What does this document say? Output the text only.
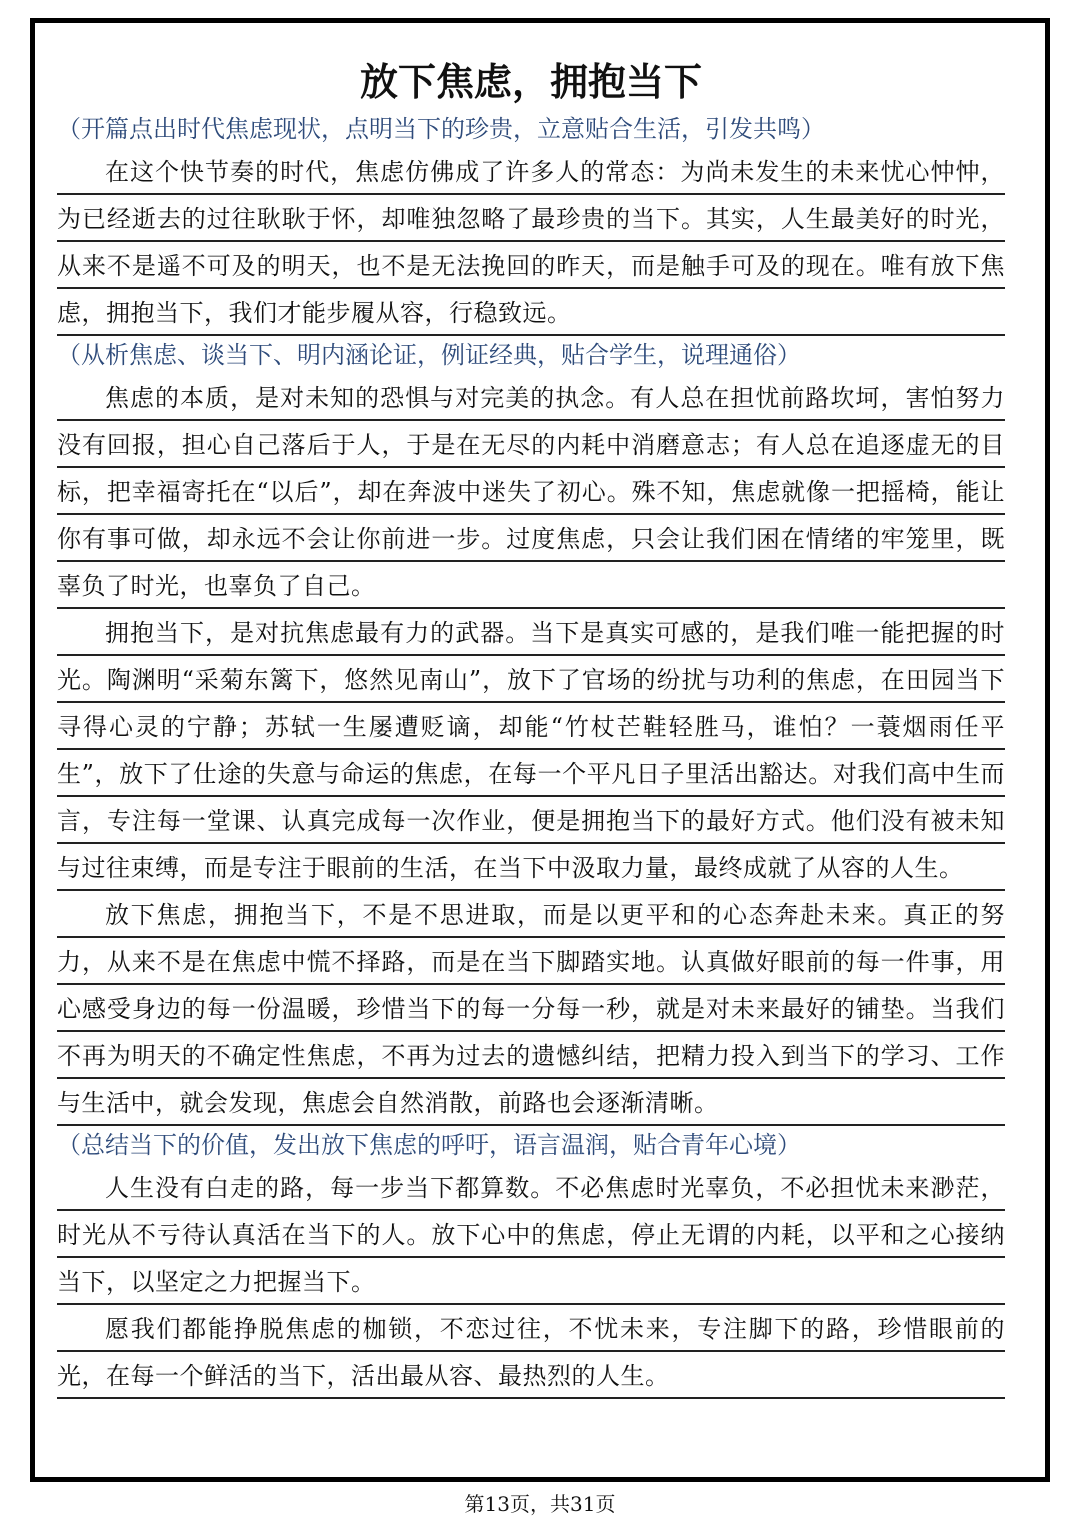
放下焦虑，拥抱当下

（开篇点出时代焦虑现状，点明当下的珍贵，立意贴合生活，引发共鸣）

在这个快节奏的时代，焦虑仿佛成了许多人的常态：为尚未发生的未来忧心忡忡，为已经逝去的过往耿耿于怀，却唯独忽略了最珍贵的当下。其实，人生最美好的时光，从来不是遥不可及的明天，也不是无法挽回的昨天，而是触手可及的现在。唯有放下焦虑，拥抱当下，我们才能步履从容，行稳致远。

（从析焦虑、谈当下、明内涵论证，例证经典，贴合学生，说理通俗）

焦虑的本质，是对未知的恐惧与对完美的执念。有人总在担忧前路坎坷，害怕努力没有回报，担心自己落后于人，于是在无尽的内耗中消磨意志；有人总在追逐虚无的目标，把幸福寄托在“以后”，却在奔波中迷失了初心。殊不知，焦虑就像一把摇椅，能让你有事可做，却永远不会让你前进一步。过度焦虑，只会让我们困在情绪的牢笼里，既辜负了时光，也辜负了自己。

拥抱当下，是对抗焦虑最有力的武器。当下是真实可感的，是我们唯一能把握的时光。陶渊明“采菊东篱下，悠然见南山”，放下了官场的纷扰与功利的焦虑，在田园当下寻得心灵的宁静；苏轼一生屡遭贬谪，却能“竹杖芒鞋轻胜马，谁怕？一蓑烟雨任平生”，放下了仕途的失意与命运的焦虑，在每一个平凡日子里活出豁达。对我们高中生而言，专注每一堂课、认真完成每一次作业，便是拥抱当下的最好方式。他们没有被未知与过往束缚，而是专注于眼前的生活，在当下中汲取力量，最终成就了从容的人生。

放下焦虑，拥抱当下，不是不思进取，而是以更平和的心态奔赴未来。真正的努力，从来不是在焦虑中慌不择路，而是在当下脚踏实地。认真做好眼前的每一件事，用心感受身边的每一份温暖，珍惜当下的每一分每一秒，就是对未来最好的铺垫。当我们不再为明天的不确定性焦虑，不再为过去的遗憾纠结，把精力投入到当下的学习、工作与生活中，就会发现，焦虑会自然消散，前路也会逐渐清晰。

（总结当下的价值，发出放下焦虑的呼吁，语言温润，贴合青年心境）

人生没有白走的路，每一步当下都算数。不必焦虑时光辜负，不必担忧未来渺茫，时光从不亏待认真活在当下的人。放下心中的焦虑，停止无谓的内耗，以平和之心接纳当下，以坚定之力把握当下。

愿我们都能挣脱焦虑的枷锁，不恋过往，不忧未来，专注脚下的路，珍惜眼前的光，在每一个鲜活的当下，活出最从容、最热烈的人生。

第13页，共31页
